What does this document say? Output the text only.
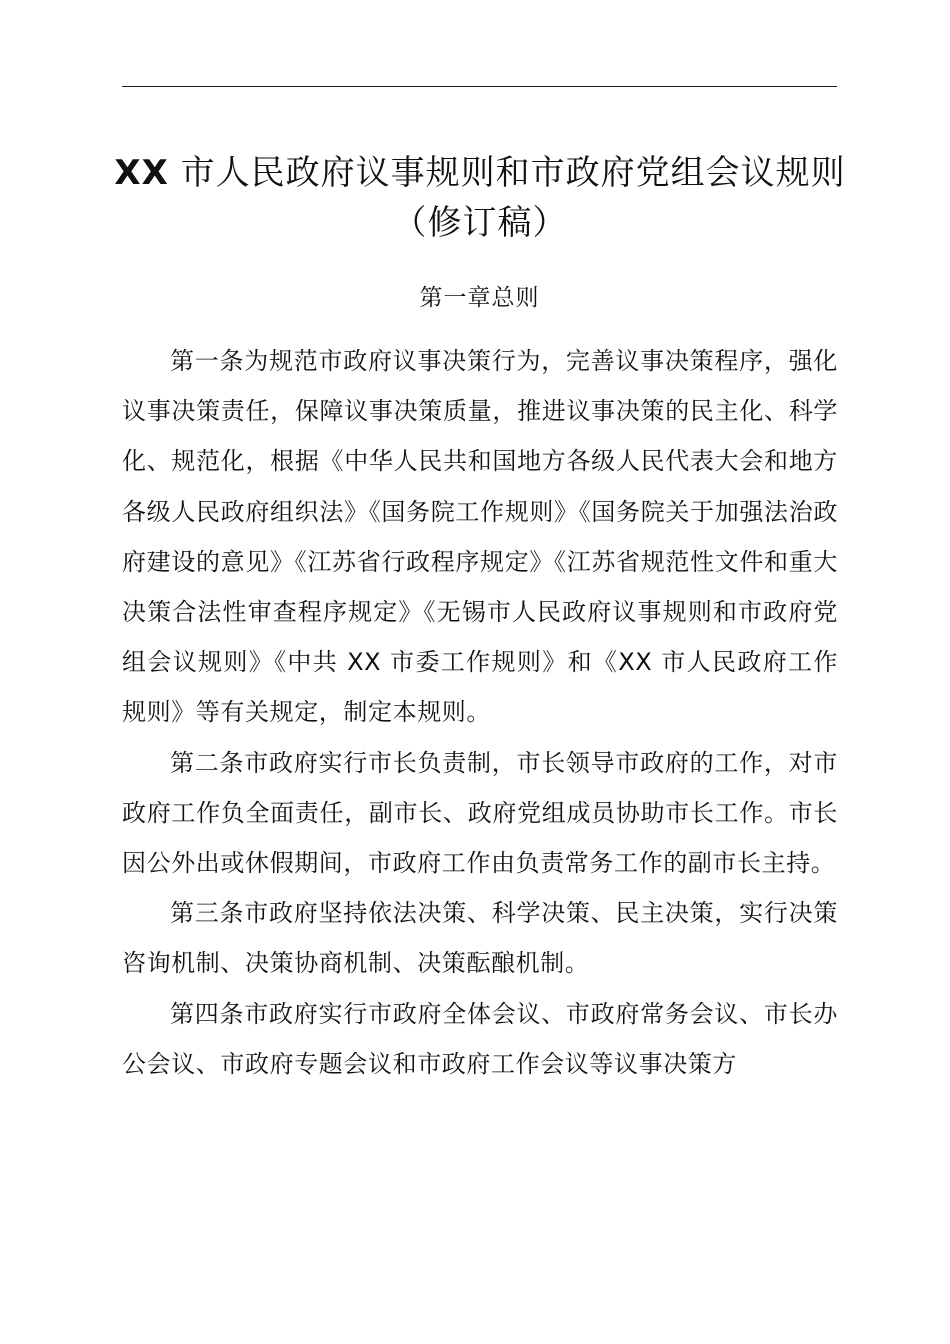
XX 市人民政府议事规则和市政府党组会议规则（修订稿）
第一章总则

第一条为规范市政府议事决策行为，完善议事决策程序，强化议事决策责任，保障议事决策质量，推进议事决策的民主化、科学化、规范化，根据《中华人民共和国地方各级人民代表大会和地方各级人民政府组织法》《国务院工作规则》《国务院关于加强法治政府建设的意见》《江苏省行政程序规定》《江苏省规范性文件和重大决策合法性审查程序规定》《无锡市人民政府议事规则和市政府党组会议规则》《中共 XX 市委工作规则》和《XX 市人民政府工作规则》等有关规定，制定本规则。

第二条市政府实行市长负责制，市长领导市政府的工作，对市政府工作负全面责任，副市长、政府党组成员协助市长工作。市长因公外出或休假期间，市政府工作由负责常务工作的副市长主持。

第三条市政府坚持依法决策、科学决策、民主决策，实行决策咨询机制、决策协商机制、决策酝酿机制。

第四条市政府实行市政府全体会议、市政府常务会议、市长办公会议、市政府专题会议和市政府工作会议等议事决策方
